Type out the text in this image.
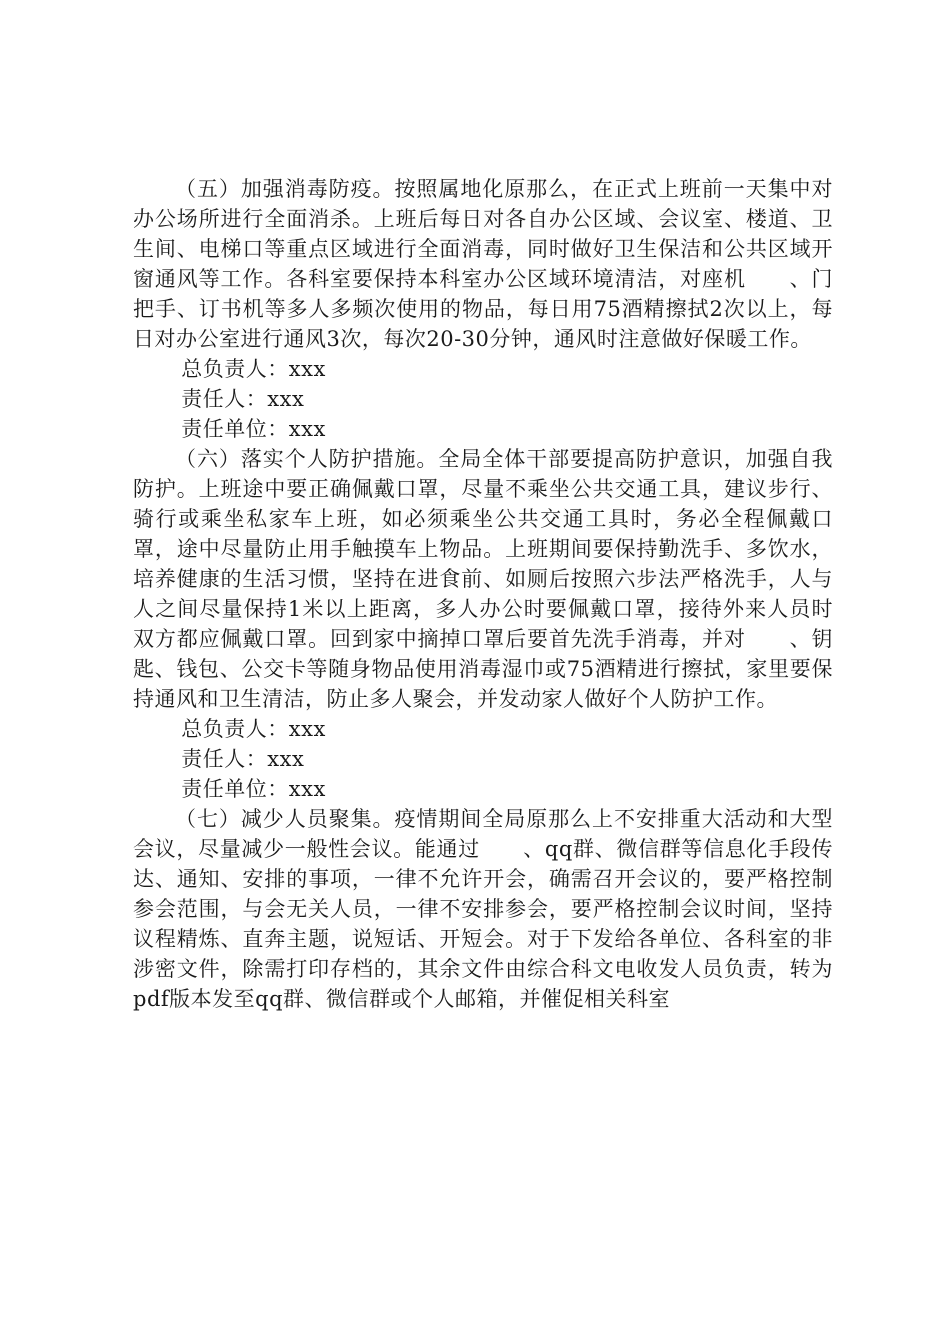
（五）加强消毒防疫。按照属地化原那么，在正式上班前一天集中对办公场所进行全面消杀。上班后每日对各自办公区域、会议室、楼道、卫生间、电梯口等重点区域进行全面消毒，同时做好卫生保洁和公共区域开窗通风等工作。各科室要保持本科室办公区域环境清洁，对座机　　、门把手、订书机等多人多频次使用的物品，每日用75酒精擦拭2次以上，每日对办公室进行通风3次，每次20-30分钟，通风时注意做好保暖工作。

总负责人：xxx

责任人：xxx

责任单位：xxx

（六）落实个人防护措施。全局全体干部要提高防护意识，加强自我防护。上班途中要正确佩戴口罩，尽量不乘坐公共交通工具，建议步行、骑行或乘坐私家车上班，如必须乘坐公共交通工具时，务必全程佩戴口罩，途中尽量防止用手触摸车上物品。上班期间要保持勤洗手、多饮水，培养健康的生活习惯，坚持在进食前、如厕后按照六步法严格洗手，人与人之间尽量保持1米以上距离，多人办公时要佩戴口罩，接待外来人员时双方都应佩戴口罩。回到家中摘掉口罩后要首先洗手消毒，并对　　、钥匙、钱包、公交卡等随身物品使用消毒湿巾或75酒精进行擦拭，家里要保持通风和卫生清洁，防止多人聚会，并发动家人做好个人防护工作。

总负责人：xxx

责任人：xxx

责任单位：xxx

（七）减少人员聚集。疫情期间全局原那么上不安排重大活动和大型会议，尽量减少一般性会议。能通过　　、qq群、微信群等信息化手段传达、通知、安排的事项，一律不允许开会，确需召开会议的，要严格控制参会范围，与会无关人员，一律不安排参会，要严格控制会议时间，坚持议程精炼、直奔主题，说短话、开短会。对于下发给各单位、各科室的非涉密文件，除需打印存档的，其余文件由综合科文电收发人员负责，转为pdf版本发至qq群、微信群或个人邮箱，并催促相关科室
